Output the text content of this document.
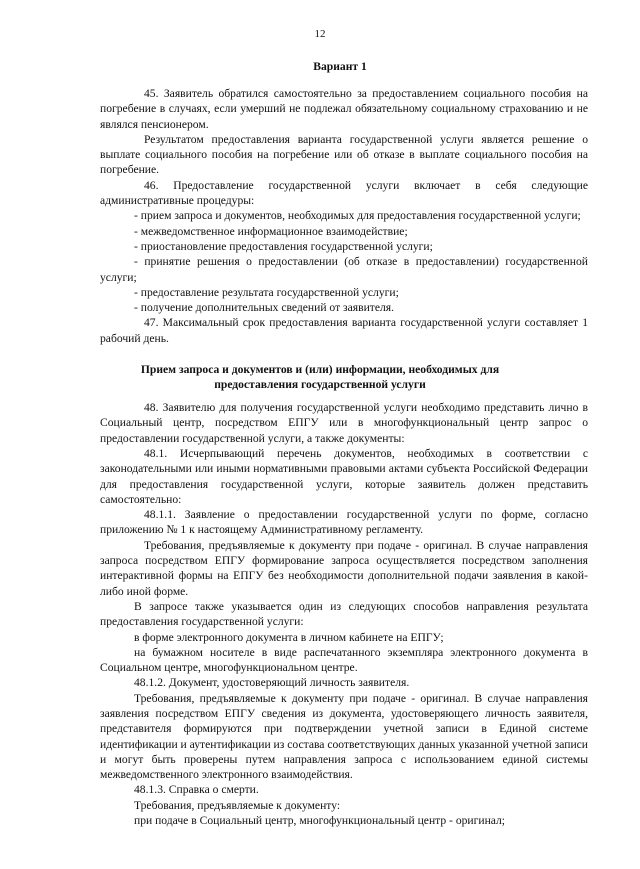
12
Вариант 1

45. Заявитель обратился самостоятельно за предоставлением социального пособия на погребение в случаях, если умерший не подлежал обязательному социальному страхованию и не являлся пенсионером.

Результатом предоставления варианта государственной услуги является решение о выплате социального пособия на погребение или об отказе в выплате социального пособия на погребение.

46. Предоставление государственной услуги включает в себя следующие административные процедуры:

- прием запроса и документов, необходимых для предоставления государственной услуги;

- межведомственное информационное взаимодействие;

- приостановление предоставления государственной услуги;

- принятие решения о предоставлении (об отказе в предоставлении) государственной услуги;

- предоставление результата государственной услуги;

- получение дополнительных сведений от заявителя.

47. Максимальный срок предоставления варианта государственной услуги составляет 1 рабочий день.

48. Заявителю для получения государственной услуги необходимо представить лично в Социальный центр, посредством ЕПГУ или в многофункциональный центр запрос о предоставлении государственной услуги, а также документы:

48.1. Исчерпывающий перечень документов, необходимых в соответствии с законодательными или иными нормативными правовыми актами субъекта Российской Федерации для предоставления государственной услуги, которые заявитель должен представить самостоятельно:

48.1.1. Заявление о предоставлении государственной услуги по форме, согласно приложению № 1 к настоящему Административному регламенту.

Требования, предъявляемые к документу при подаче - оригинал. В случае направления запроса посредством ЕПГУ формирование запроса осуществляется посредством заполнения интерактивной формы на ЕПГУ без необходимости дополнительной подачи заявления в какой-либо иной форме.

В запросе также указывается один из следующих способов направления результата предоставления государственной услуги:

в форме электронного документа в личном кабинете на ЕПГУ;

на бумажном носителе в виде распечатанного экземпляра электронного документа в Социальном центре, многофункциональном центре.

48.1.2. Документ, удостоверяющий личность заявителя.

Требования, предъявляемые к документу при подаче - оригинал. В случае направления заявления посредством ЕПГУ сведения из документа, удостоверяющего личность заявителя, представителя формируются при подтверждении учетной записи в Единой системе идентификации и аутентификации из состава соответствующих данных указанной учетной записи и могут быть проверены путем направления запроса с использованием единой системы межведомственного электронного взаимодействия.

48.1.3. Справка о смерти.

Требования, предъявляемые к документу:

при подаче в Социальный центр, многофункциональный центр - оригинал;

Прием запроса и документов и (или) информации, необходимых для
предоставления государственной услуги
